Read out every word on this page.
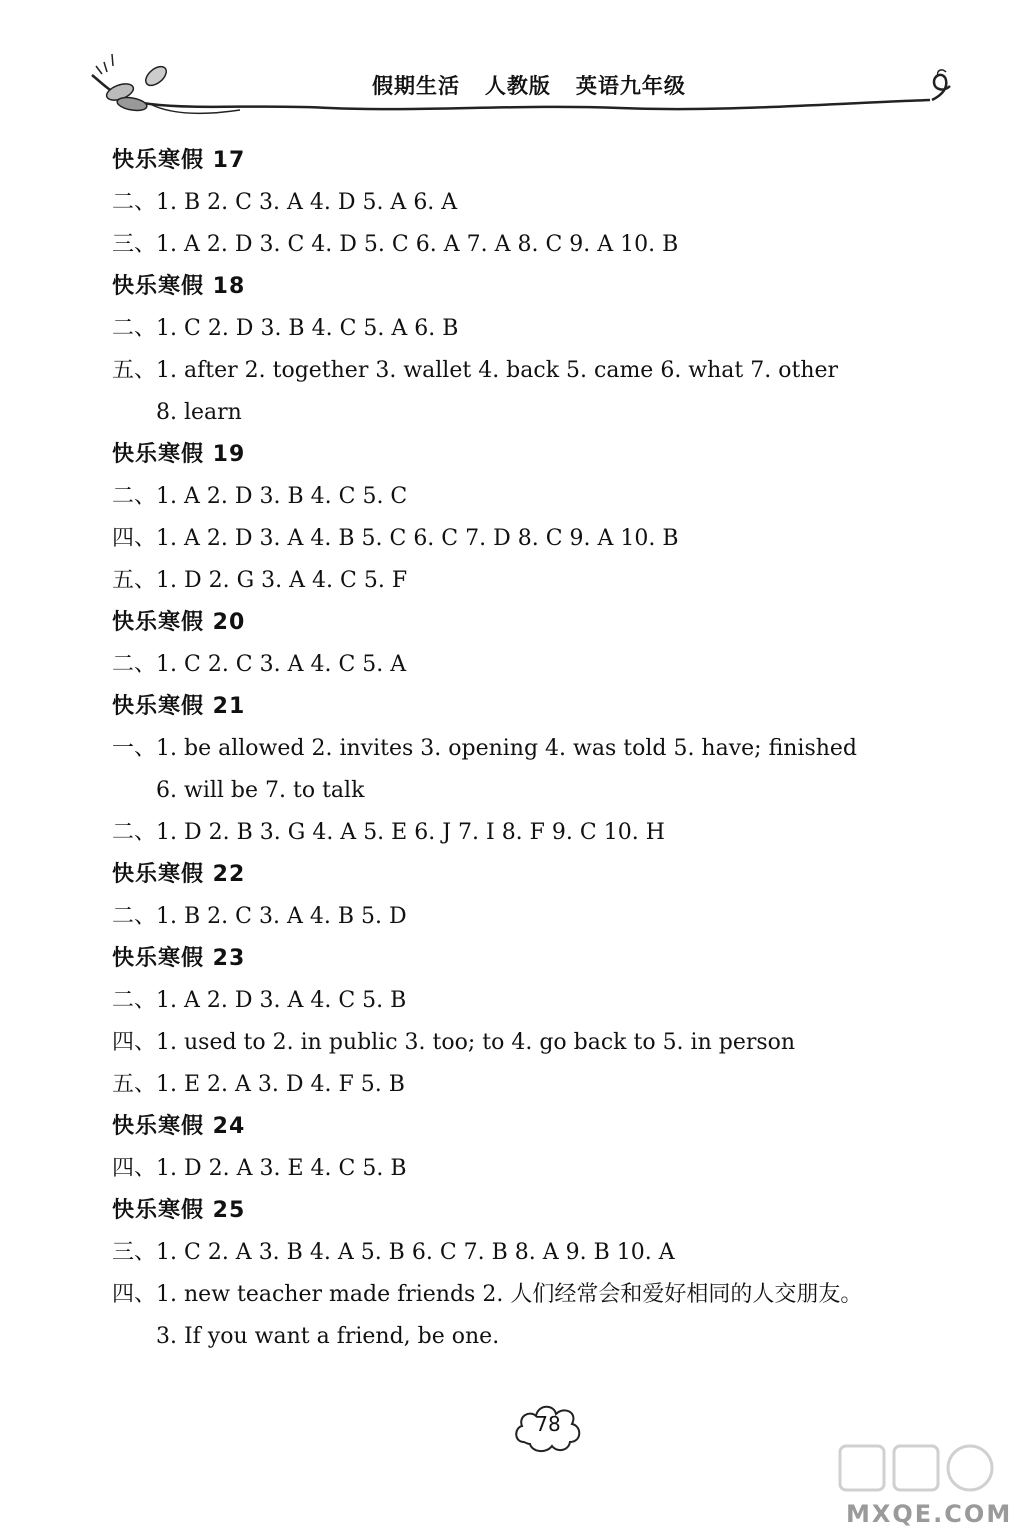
假期生活   人教版   英语九年级
快乐寒假 17
二、1. B 2. C 3. A 4. D 5. A 6. A
三、1. A 2. D 3. C 4. D 5. C 6. A 7. A 8. C 9. A 10. B
快乐寒假 18
二、1. C 2. D 3. B 4. C 5. A 6. B
五、1. after 2. together 3. wallet 4. back 5. came 6. what 7. other
8. learn
快乐寒假 19
二、1. A 2. D 3. B 4. C 5. C
四、1. A 2. D 3. A 4. B 5. C 6. C 7. D 8. C 9. A 10. B
五、1. D 2. G 3. A 4. C 5. F
快乐寒假 20
二、1. C 2. C 3. A 4. C 5. A
快乐寒假 21
一、1. be allowed 2. invites 3. opening 4. was told 5. have; finished
6. will be 7. to talk
二、1. D 2. B 3. G 4. A 5. E 6. J 7. I 8. F 9. C 10. H
快乐寒假 22
二、1. B 2. C 3. A 4. B 5. D
快乐寒假 23
二、1. A 2. D 3. A 4. C 5. B
四、1. used to 2. in public 3. too; to 4. go back to 5. in person
五、1. E 2. A 3. D 4. F 5. B
快乐寒假 24
四、1. D 2. A 3. E 4. C 5. B
快乐寒假 25
三、1. C 2. A 3. B 4. A 5. B 6. C 7. B 8. A 9. B 10. A
四、1. new teacher made friends 2. 人们经常会和爱好相同的人交朋友。
3. If you want a friend, be one.
78
MXQE.COM
